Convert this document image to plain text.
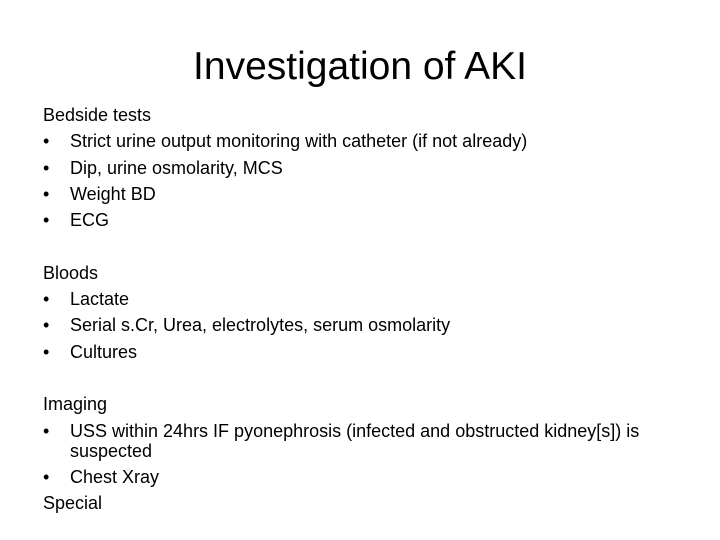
Investigation of AKI

Bedside tests

• Strict urine output monitoring with catheter (if not already)
• Dip, urine osmolarity, MCS
• Weight BD
• ECG

Bloods

• Lactate
• Serial s.Cr, Urea, electrolytes, serum osmolarity
• Cultures

Imaging

• USS within 24hrs IF pyonephrosis (infected and obstructed kidney[s]) is suspected
• Chest Xray

Special
